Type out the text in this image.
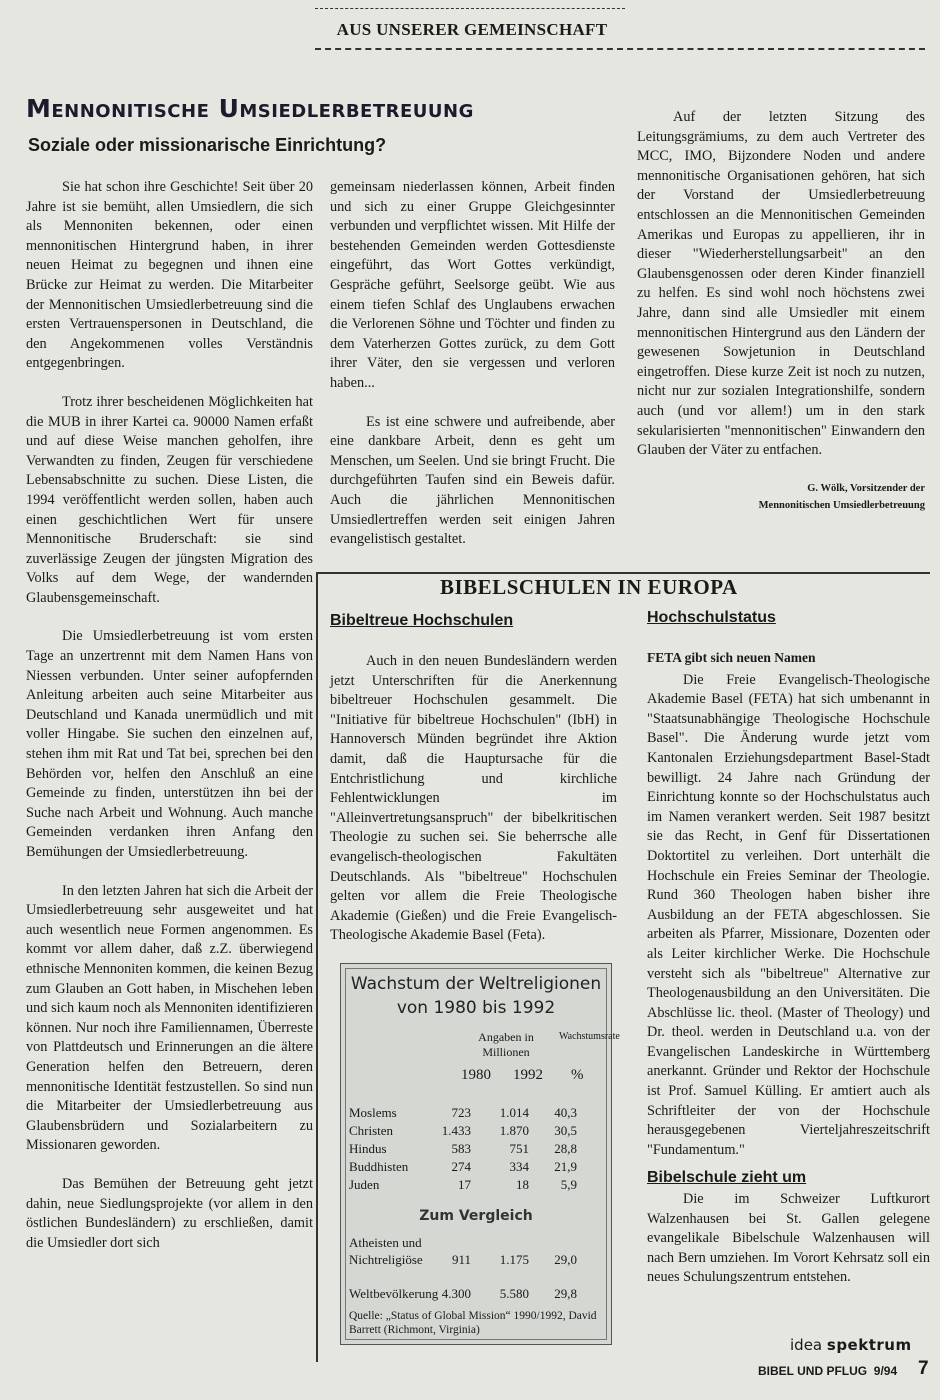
AUS UNSERER GEMEINSCHAFT
Mennonitische Umsiedlerbetreuung
Soziale oder missionarische Einrichtung?

Sie hat schon ihre Geschichte! Seit über 20 Jahre ist sie bemüht, allen Umsiedlern, die sich als Mennoniten bekennen, oder einen mennonitischen Hintergrund haben, in ihrer neuen Heimat zu begegnen und ihnen eine Brücke zur Heimat zu werden. Die Mitarbeiter der Mennonitischen Umsiedlerbetreuung sind die ersten Vertrauenspersonen in Deutschland, die den Angekommenen volles Verständnis entgegenbringen.

Trotz ihrer bescheidenen Möglichkeiten hat die MUB in ihrer Kartei ca. 90000 Namen erfaßt und auf diese Weise manchen geholfen, ihre Verwandten zu finden, Zeugen für verschiedene Lebensabschnitte zu suchen. Diese Listen, die 1994 veröffentlicht werden sollen, haben auch einen geschichtlichen Wert für unsere Mennonitische Bruderschaft: sie sind zuverlässige Zeugen der jüngsten Migration des Volks auf dem Wege, der wandernden Glaubensgemeinschaft.

Die Umsiedlerbetreuung ist vom ersten Tage an unzertrennt mit dem Namen Hans von Niessen verbunden. Unter seiner aufopfernden Anleitung arbeiten auch seine Mitarbeiter aus Deutschland und Kanada unermüdlich und mit voller Hingabe. Sie suchen den einzelnen auf, stehen ihm mit Rat und Tat bei, sprechen bei den Behörden vor, helfen den Anschluß an eine Gemeinde zu finden, unterstützen ihn bei der Suche nach Arbeit und Wohnung. Auch manche Gemeinden verdanken ihren Anfang den Bemühungen der Umsiedlerbetreuung.

In den letzten Jahren hat sich die Arbeit der Umsiedlerbetreuung sehr ausgeweitet und hat auch wesentlich neue Formen angenommen. Es kommt vor allem daher, daß z.Z. überwiegend ethnische Mennoniten kommen, die keinen Bezug zum Glauben an Gott haben, in Mischehen leben und sich kaum noch als Mennoniten identifizieren können. Nur noch ihre Familiennamen, Überreste von Plattdeutsch und Erinnerungen an die ältere Generation helfen den Betreuern, deren mennonitische Identität festzustellen. So sind nun die Mitarbeiter der Umsiedlerbetreuung aus Glaubensbrüdern und Sozialarbeitern zu Missionaren geworden.

Das Bemühen der Betreuung geht jetzt dahin, neue Siedlungsprojekte (vor allem in den östlichen Bundesländern) zu erschließen, damit die Umsiedler dort sich

gemeinsam niederlassen können, Arbeit finden und sich zu einer Gruppe Gleichgesinnter verbunden und verpflichtet wissen. Mit Hilfe der bestehenden Gemeinden werden Gottesdienste eingeführt, das Wort Gottes verkündigt, Gespräche geführt, Seelsorge geübt. Wie aus einem tiefen Schlaf des Unglaubens erwachen die Verlorenen Söhne und Töchter und finden zu dem Vaterherzen Gottes zurück, zu dem Gott ihrer Väter, den sie vergessen und verloren haben...

Es ist eine schwere und aufreibende, aber eine dankbare Arbeit, denn es geht um Menschen, um Seelen. Und sie bringt Frucht. Die durchgeführten Taufen sind ein Beweis dafür. Auch die jährlichen Mennonitischen Umsiedlertreffen werden seit einigen Jahren evangelistisch gestaltet.

Auf der letzten Sitzung des Leitungsgrämiums, zu dem auch Vertreter des MCC, IMO, Bijzondere Noden und andere mennonitische Organisationen gehören, hat sich der Vorstand der Umsiedlerbetreuung entschlossen an die Mennonitischen Gemeinden Amerikas und Europas zu appellieren, ihr in dieser "Wiederherstellungsarbeit" an den Glaubensgenossen oder deren Kinder finanziell zu helfen. Es sind wohl noch höchstens zwei Jahre, dann sind alle Umsiedler mit einem mennonitischen Hintergrund aus den Ländern der gewesenen Sowjetunion in Deutschland eingetroffen. Diese kurze Zeit ist noch zu nutzen, nicht nur zur sozialen Integrationshilfe, sondern auch (und vor allem!) um in den stark sekularisierten "mennonitischen" Einwandern den Glauben der Väter zu entfachen.

G. Wölk, Vorsitzender der
Mennonitischen Umsiedlerbetreuung
BIBELSCHULEN IN EUROPA
Bibeltreue Hochschulen	Hochschulstatus

Auch in den neuen Bundesländern werden jetzt Unterschriften für die Anerkennung bibeltreuer Hochschulen gesammelt. Die "Initiative für bibeltreue Hochschulen" (IbH) in Hannoversch Münden begründet ihre Aktion damit, daß die Hauptursache für die Entchristlichung und kirchliche Fehlentwicklungen im "Alleinvertretungsanspruch" der bibelkritischen Theologie zu suchen sei. Sie beherrsche alle evangelisch-theologischen Fakultäten Deutschlands. Als "bibeltreue" Hochschulen gelten vor allem die Freie Theologische Akademie (Gießen) und die Freie Evangelisch-Theologische Akademie Basel (Feta).

FETA gibt sich neuen Namen

Die Freie Evangelisch-Theologische Akademie Basel (FETA) hat sich umbenannt in "Staatsunabhängige Theologische Hochschule Basel". Die Änderung wurde jetzt vom Kantonalen Erziehungsdepartment Basel-Stadt bewilligt. 24 Jahre nach Gründung der Einrichtung konnte so der Hochschulstatus auch im Namen verankert werden. Seit 1987 besitzt sie das Recht, in Genf für Dissertationen Doktortitel zu verleihen. Dort unterhält die Hochschule ein Freies Seminar der Theologie. Rund 360 Theologen haben bisher ihre Ausbildung an der FETA abgeschlossen. Sie arbeiten als Pfarrer, Missionare, Dozenten oder als Leiter kirchlicher Werke. Die Hochschule versteht sich als "bibeltreue" Alternative zur Theologenausbildung an den Universitäten. Die Abschlüsse lic. theol. (Master of Theology) und Dr. theol. werden in Deutschland u.a. von der Evangelischen Landeskirche in Württemberg anerkannt. Gründer und Rektor der Hochschule ist Prof. Samuel Külling. Er amtiert auch als Schriftleiter der von der Hochschule herausgegebenen Vierteljahreszeitschrift "Fundamentum."

Bibelschule zieht um

Die im Schweizer Luftkurort Walzenhausen bei St. Gallen gelegene evangelikale Bibelschule Walzenhausen will nach Bern umziehen. Im Vorort Kehrsatz soll ein neues Schulungszentrum entstehen.

Wachstum der Weltreligionen
von 1980 bis 1992
Angaben in Millionen
Wachstumsrate
1980 1992 %
Moslems	723 1.014 40,3
Christen	1.433 1.870 30,5
Hindus	583	751 28,8
Buddhisten	274	334 21,9
Juden	17	18 5,9
Zum Vergleich
Atheisten und
Nichtreligiöse 911 1.175 29,0
Weltbevölkerung 4.300 5.580 29,8
Quelle: „Status of Global Mission“ 1990/1992, David Barrett (Richmont, Virginia)
idea spektrum
BIBEL UND PFLUG  9/94 7
